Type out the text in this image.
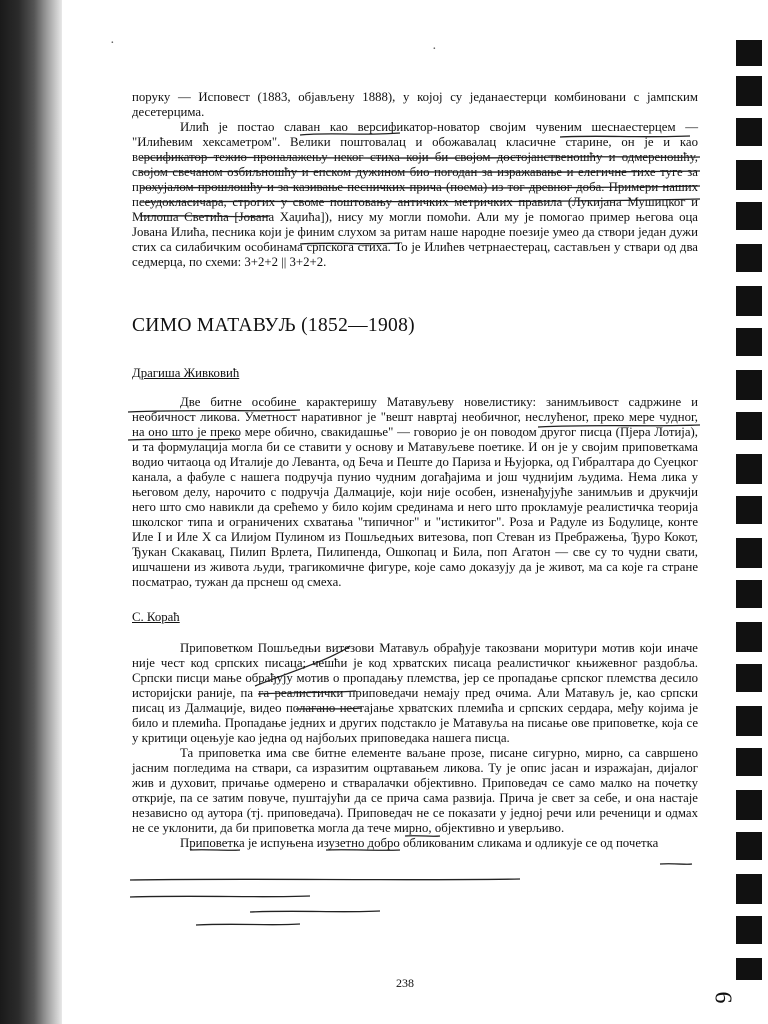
·	·

поруку — Исповест (1883, објављену 1888), у којој су једанаестерци комбиновани с јампским десетерцима.

Илић је постао славан као версификатор-новатор својим чувеним шеснаестерцем — "Илићевим хексаметром". Велики поштовалац и обожавалац класичне старине, он је и као версификатор тежио проналажењу неког стиха који би својом достојанственошћу и одмереношћу, својом свечаном озбиљношћу и епском дужином био погодан за изражавање и елегичне тихе туге за прохујалом прошлошћу и за казивање песничких прича (поема) из тог древног доба. Примери наших псеудокласичара, строгих у своме поштовању античких метричких правила (Лукијана Мушицког и Милоша Светића [Јована Хаџића]), нису му могли помоћи. Али му је помогао пример његова оца Јована Илића, песника који је финим слухом за ритам наше народне поезије умео да створи један дужи стих са силабичким особинама српскога стиха. То је Илићев четрнаестерац, састављен у ствари од два седмерца, по схеми: 3+2+2 || 3+2+2.

СИМО МАТАВУЉ (1852—1908)
Драгиша Живковић

Две битне особине карактеришу Матавуљеву новелистику: занимљивост садржине и необичност ликова. Уметност наративног је "вешт навртај необичног, неслућеног, преко мере чудног, на оно што је преко мере обично, свакидашње" — говорио је он поводом другог писца (Пјера Лотија), и та формулација могла би се ставити у основу и Матавуљеве поетике. И он је у својим приповеткама водио читаоца од Италије до Леванта, од Беча и Пеште до Париза и Њујорка, од Гибралтара до Суецког канала, а фабуле с нашега подручја пунио чудним догађајима и још чуднијим људима. Нема лика у његовом делу, нарочито с подручја Далмације, који није особен, изненађујуће занимљив и друкчији него што смо навикли да срећемо у било којим срединама и него што прокламује реалистичка теорија школског типа и ограничених схватања "типичног" и "истикитог". Роза и Радуле из Бодулице, конте Иле I и Иле X са Илијом Пулином из Пошљедњих витезова, поп Стеван из Пребражења, Ђуро Кокот, Ђукан Скакавац, Пилип Врлета, Пилипенда, Ошкопац и Била, поп Агатон — све су то чудни свати, ишчашени из живота људи, трагикомичне фигуре, које само доказују да је живот, ма са које га стране посматрао, тужан да прснеш од смеха.

С. Кораћ

Приповетком Пошљедњи витезови Матавуљ обрађује такозвани моритури мотив који иначе није чест код српских писаца; чешћи је код хрватских писаца реалистичког књижевног раздобља. Српски писци мање обрађују мотив о пропадању племства, јер се пропадање српског племства десило историјски раније, па га реалистички приповедачи немају пред очима. Али Матавуљ је, као српски писац из Далмације, видео полагано нестајање хрватских племића и српских сердара, међу којима је било и племића. Пропадање једних и других подстакло је Матавуља на писање ове приповетке, која се у критици оцењује као једна од најбољих приповедака нашега писца.

Та приповетка има све битне елементе ваљане прозе, писане сигурно, мирно, са савршено јасним погледима на ствари, са изразитим оцртавањем ликова. Ту је опис јасан и изражајан, дијалог жив и духовит, причање одмерено и стваралачки објективно. Приповедач се само малко на почетку открије, па се затим повуче, пуштајући да се прича сама развија. Прича је свет за себе, и она настаје независно од аутора (тј. приповедача). Приповедач не се показати у једној речи или реченици и одмах не се уклонити, да би приповетка могла да тече мирно, објективно и уверљиво.

Приповетка је испуњена изузетно добро обликованим сликама и одликује се од почетка

238
6
